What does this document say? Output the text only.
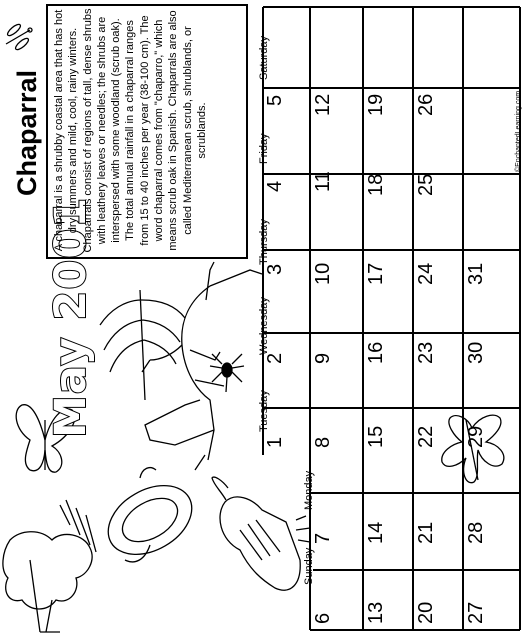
May 2001
Chaparral A chaparral is a shrubby coastal area that has hot dry summers and mild, cool, rainy winters. Chaparrals consist of regions of tall, dense shrubs with leathery leaves or needles; the shrubs are interspersed with some woodland (scrub oak). The total annual rainfall in a chaparral ranges from 15 to 40 inches per year (38-100 cm). The word chaparral comes from "chaparro," which means scrub oak in Spanish. Chaparrals are also called Mediterranean scrub, shrublands, or scrublands.
Sunday
Monday
Tuesday
Wednesday
Thursday
Friday
Saturday
1
2
3
4
5
6
7
8
9
10
11
12
13
14
15
16
17
18
19
20
21
22
23
24
25
26
27
28
29
30
31
©EnchantedLearning.com
